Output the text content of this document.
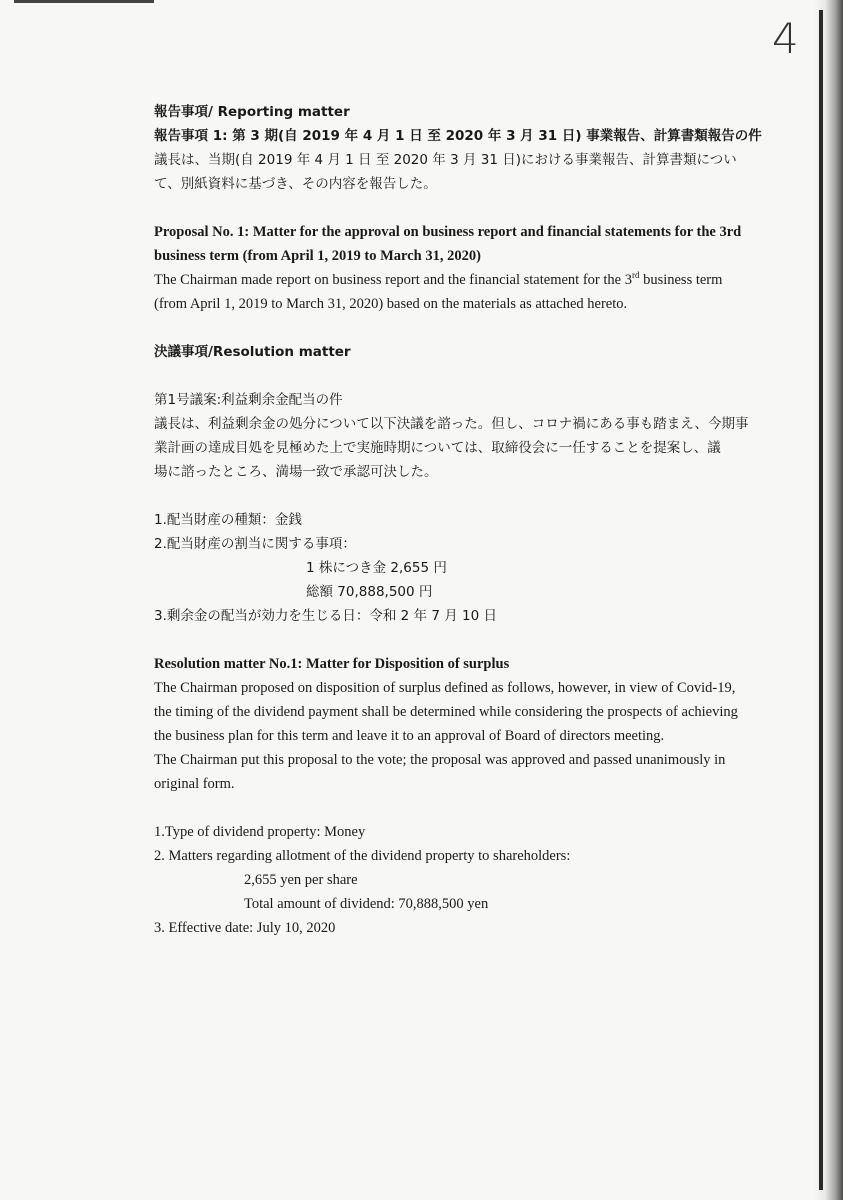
4
報告事項/ Reporting matter
報告事項 1: 第 3 期(自 2019 年 4 月 1 日 至 2020 年 3 月 31 日) 事業報告、計算書類報告の件
議長は、当期(自 2019 年 4 月 1 日 至 2020 年 3 月 31 日)における事業報告、計算書類につい
て、別紙資料に基づき、その内容を報告した。
Proposal No. 1: Matter for the approval on business report and financial statements for the 3rd
business term (from April 1, 2019 to March 31, 2020)
The Chairman made report on business report and the financial statement for the 3rd business term
(from April 1, 2019 to March 31, 2020) based on the materials as attached hereto.
決議事項/Resolution matter
第1号議案:利益剰余金配当の件
議長は、利益剰余金の処分について以下決議を諮った。但し、コロナ禍にある事も踏まえ、今期事
業計画の達成目処を見極めた上で実施時期については、取締役会に一任することを提案し、議
場に諮ったところ、満場一致で承認可決した。
1.配当財産の種類：金銭
2.配当財産の割当に関する事項：
1 株につき金 2,655 円
総額 70,888,500 円
3.剰余金の配当が効力を生じる日：令和 2 年 7 月 10 日
Resolution matter No.1: Matter for Disposition of surplus
The Chairman proposed on disposition of surplus defined as follows, however, in view of Covid-19,
the timing of the dividend payment shall be determined while considering the prospects of achieving
the business plan for this term and leave it to an approval of Board of directors meeting.
The Chairman put this proposal to the vote; the proposal was approved and passed unanimously in
original form.
1.Type of dividend property: Money
2. Matters regarding allotment of the dividend property to shareholders:
2,655 yen per share
Total amount of dividend: 70,888,500 yen
3. Effective date: July 10, 2020
